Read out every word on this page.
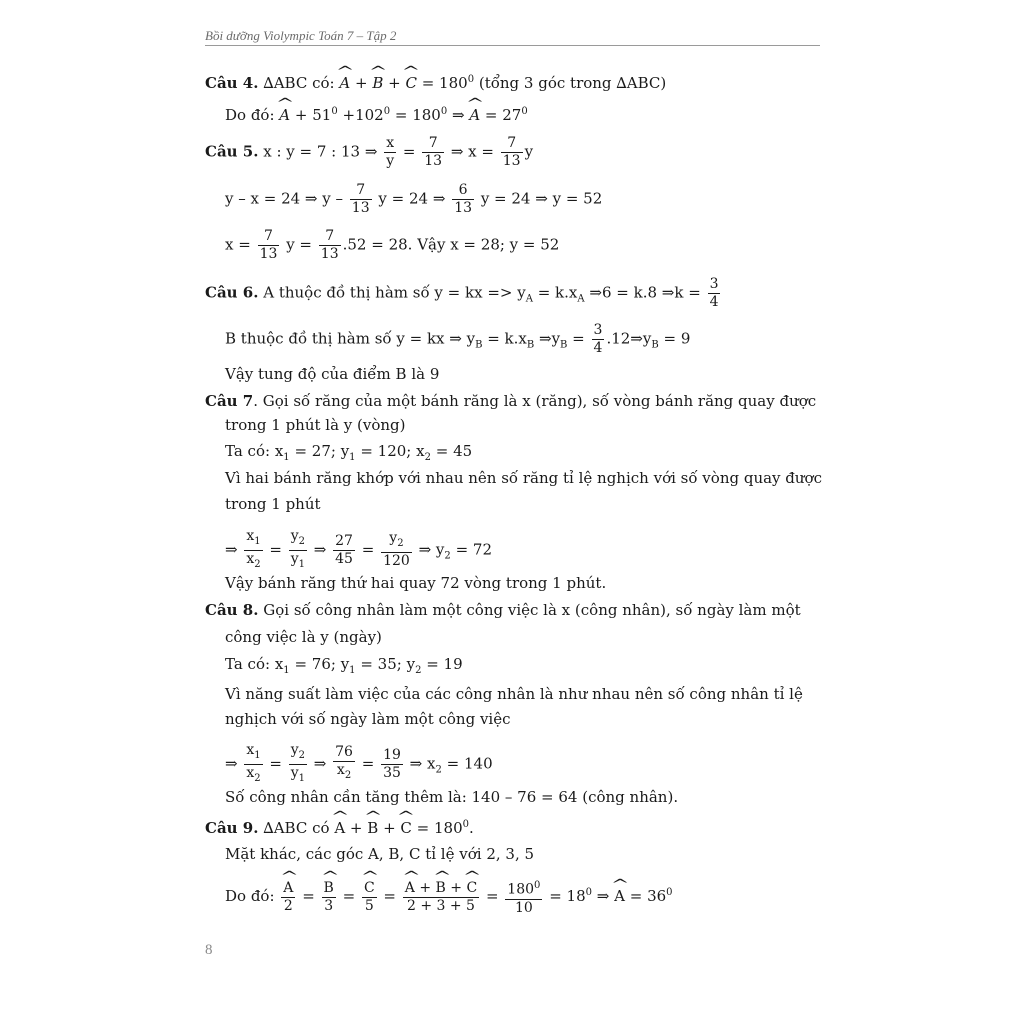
Bồi dưỡng Violympic Toán 7 – Tập 2
Câu 4. ∆ABC có: ^ A + ^ B + ^ $C = 180^0$ (tổng 3 góc trong ∆ABC)
Do đó: ^ $A + 51^0 +102^0 = 180^0$ ⇒ ^ $A = 27^0$
Câu 5. x : y = 7 : 13 ⇒ $\frac{x}{y} = \frac{7}{13}$ ⇒ $x = \frac{7}{13}$ y
y – x = 24 ⇒ y – $\frac{7}{13}$ y = 24 ⇒ $\frac{6}{13}$ y = 24 ⇒ y = 52
$x = \frac{7}{13}$ $y = \frac{7}{13} .52 = 28$. Vậy x = 28; y = 52
Câu 6. A thuộc đồ thị hàm số y = kx => $y_A = k.x_A$ ⇒6 = k.8 ⇒k = $\frac{3}{4}$
B thuộc đồ thị hàm số y = kx ⇒ $y_B = k.x_B$ $\Rightarrow y_B = \frac{3}{4}$ $.12\Rightarrow y_B = 9$
Vậy tung độ của điểm B là 9
Câu 7. Gọi số răng của một bánh răng là x (răng), số vòng bánh răng quay được
trong 1 phút là y (vòng)
Ta có: $x_1 = 27$; $y_1 = 120$; $x_2 = 45$
Vì hai bánh răng khớp với nhau nên số răng tỉ lệ nghịch với số vòng quay được
trong 1 phút
⇒ $\frac{x_1}{x_2} = \frac{y_2}{y_1}$ ⇒ $\frac{27}{45} = \frac{y_2}{120}$ ⇒ $y_2 = 72$
Vậy bánh răng thứ hai quay 72 vòng trong 1 phút.
Câu 8. Gọi số công nhân làm một công việc là x (công nhân), số ngày làm một
công việc là y (ngày)
Ta có: $x_1 = 76$; $y_1 = 35$; $y_2 = 19$
Vì năng suất làm việc của các công nhân là như nhau nên số công nhân tỉ lệ
nghịch với số ngày làm một công việc
⇒ $\frac{x_1}{x_2} = \frac{y_2}{y_1}$ ⇒ $\frac{76}{x_2} = \frac{19}{35}$ ⇒ $x_2 = 140$
Số công nhân cần tăng thêm là: 140 – 76 = 64 (công nhân).
Câu 9. ∆ABC có ^ A + ^ B + ^ $C = 180^0$.
Mặt khác, các góc A, B, C tỉ lệ với 2, 3, 5
Do đó: ^ $\frac{A}{2}$ = ^ $\frac{B}{3}$ = ^ $\frac{C}{5}$ = ^ $\frac{A + \^{} B + \^{} C}{2 + 3 + 5} = \frac{180^0}{10} = 18^0$ ⇒ ^ $A = 36^0$
8
